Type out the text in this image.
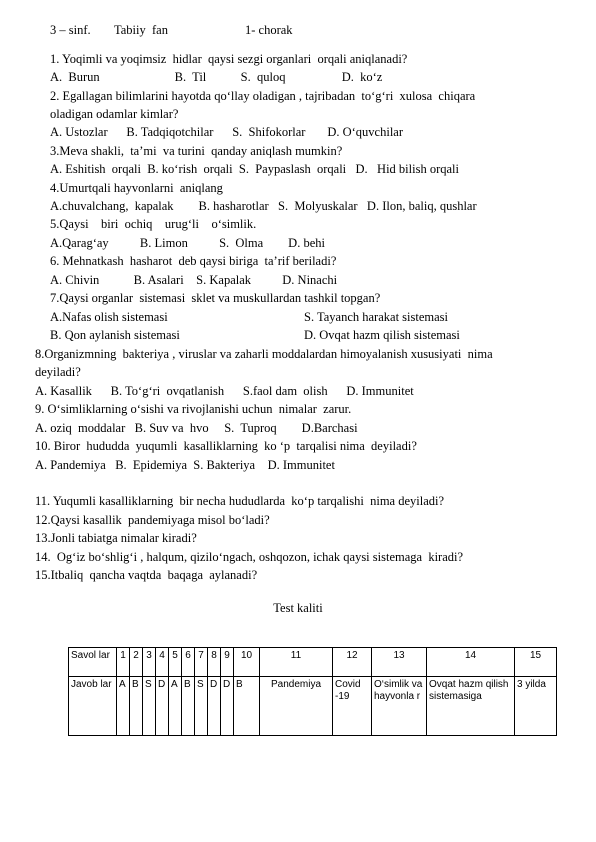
3 – sinf. Tabiiy  fan	1- chorak
1. Yoqimli va yoqimsiz  hidlar  qaysi sezgi organlari  orqali aniqlanadi?
A.  Burun                        B.  Til           S.  quloq                  D.  ko‘z
2. Egallagan bilimlarini hayotda qo‘llay oladigan , tajribadan  to‘g‘ri  xulosa  chiqara
oladigan odamlar kimlar?
A. Ustozlar      B. Tadqiqotchilar      S.  Shifokorlar       D. O‘quvchilar
3.Meva shakli,  ta’mi  va turini  qanday aniqlash mumkin?
A. Eshitish  orqali  B. ko‘rish  orqali  S.  Paypaslash  orqali   D.   Hid bilish orqali
4.Umurtqali hayvonlarni  aniqlang
A.chuvalchang,  kapalak        B. hasharotlar   S.  Molyuskalar   D. Ilon, baliq, qushlar
5.Qaysi    biri  ochiq    urug‘li    o‘simlik.
A.Qarag‘ay          B. Limon          S.  Olma        D. behi
6. Mehnatkash  hasharot  deb qaysi biriga  ta’rif beriladi?
A. Chivin           B. Asalari    S. Kapalak          D. Ninachi
7.Qaysi organlar  sistemasi  sklet va muskullardan tashkil topgan?
A.Nafas olish sistemasi	S. Tayanch harakat sistemasi
B. Qon aylanish sistemasi	D. Ovqat hazm qilish sistemasi
8.Organizmning  bakteriya , viruslar va zaharli moddalardan himoyalanish xususiyati  nima
deyiladi?
A. Kasallik      B. To‘g‘ri  ovqatlanish      S.faol dam  olish      D. Immunitet
9. O‘simliklarning o‘sishi va rivojlanishi uchun  nimalar  zarur.
A. oziq  moddalar   B. Suv va  hvo     S.  Tuproq        D.Barchasi
10. Biror  hududda  yuqumli  kasalliklarning  ko ‘p  tarqalisi nima  deyiladi?
A. Pandemiya   B.  Epidemiya  S. Bakteriya    D. Immunitet
11. Yuqumli kasalliklarning  bir necha hududlarda  ko‘p tarqalishi  nima deyiladi?
12.Qaysi kasallik  pandemiyaga misol bo‘ladi?
13.Jonli tabiatga nimalar kiradi?
14.  Og‘iz bo‘shlig‘i , halqum, qizilo‘ngach, oshqozon, ichak qaysi sistemaga  kiradi?
15.Itbaliq  qancha vaqtda  baqaga  aylanadi?
Test kaliti
Savol lar	1	2	3	4	5	6	7	8	9	10	11	12	13	14	15
Javob lar	A	B	S	D	A	B	S	D	D	B	Pandemiya	Covid -19	O‘simlik va hayvonla r	Ovqat hazm qilish sistemasiga	3 yilda
